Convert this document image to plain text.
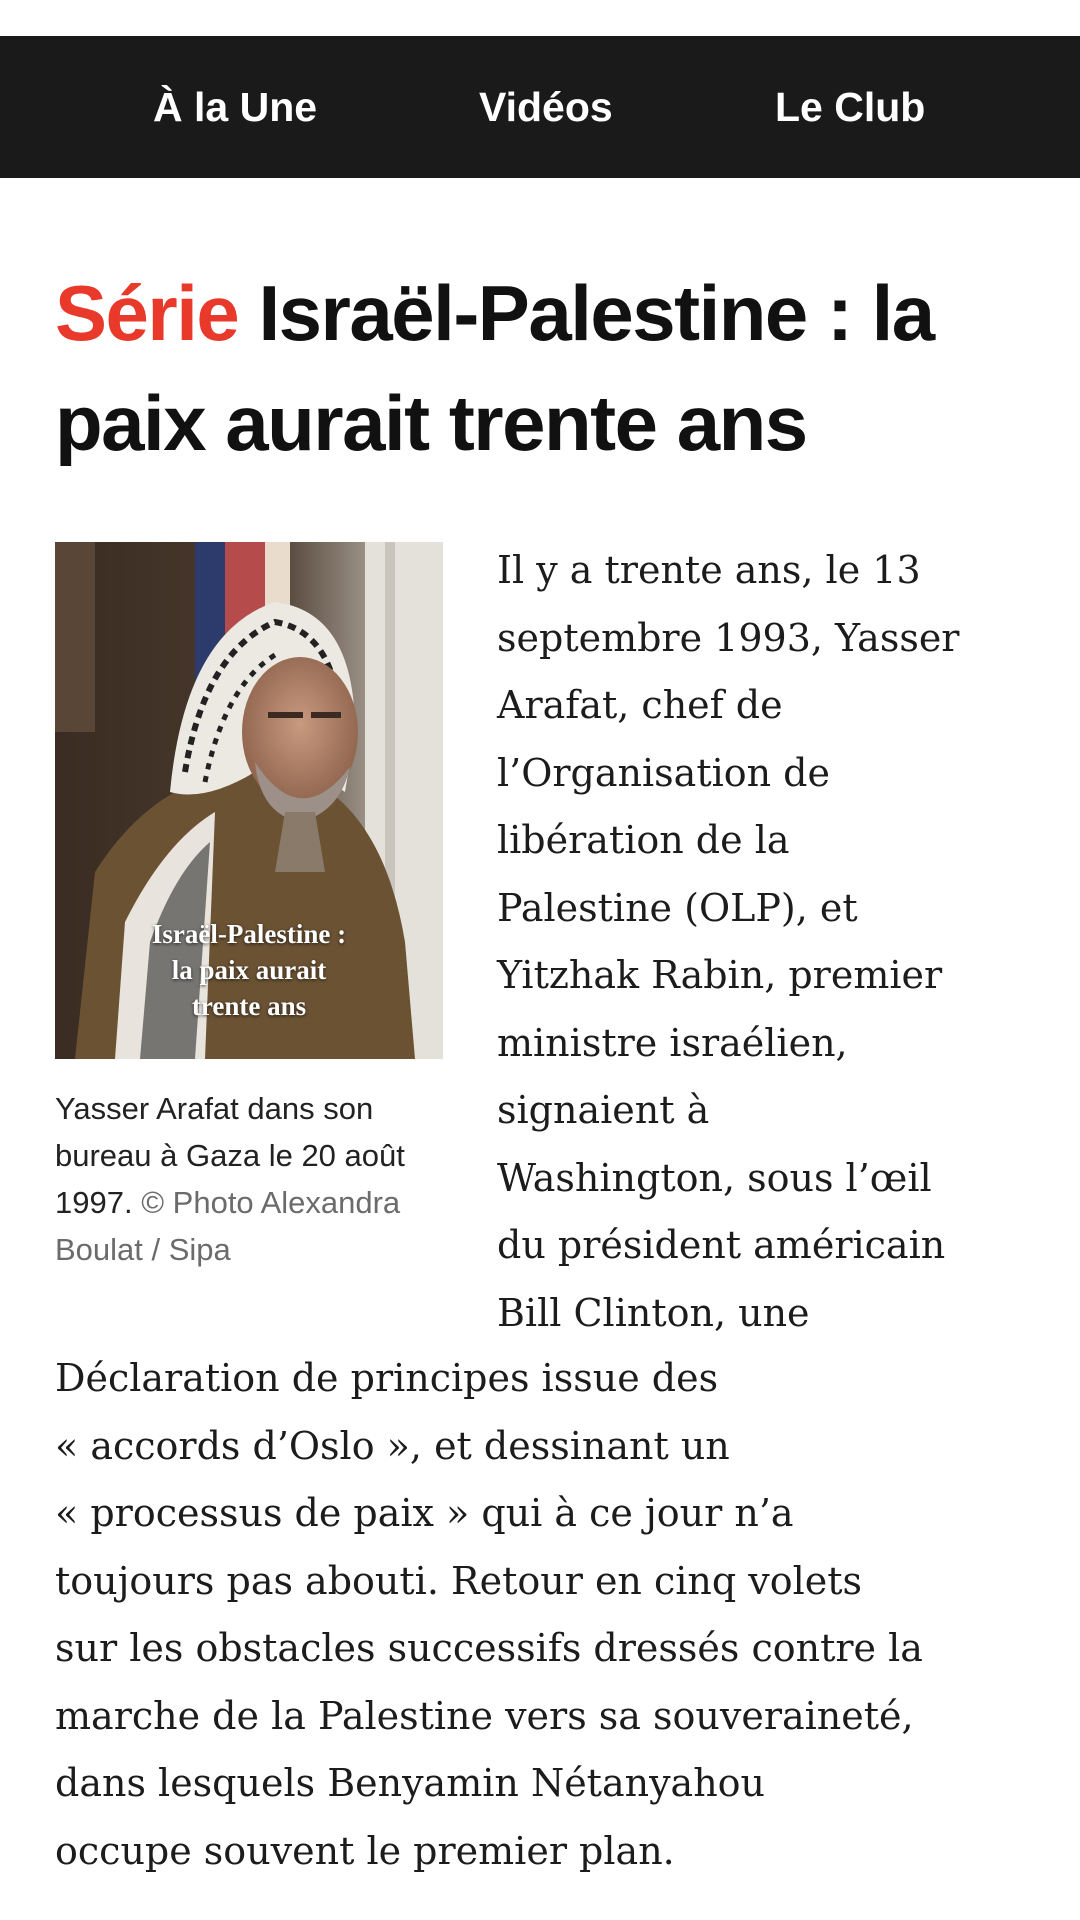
À la Une	Vidéos	Le Club
Série Israël-Palestine : la paix aurait trente ans
Israël-Palestine :
la paix aurait
trente ans
Yasser Arafat dans son bureau à Gaza le 20 août 1997. © Photo Alexandra Boulat / Sipa
Il y a trente ans, le 13
septembre 1993, Yasser
Arafat, chef de
l’Organisation de
libération de la
Palestine (OLP), et
Yitzhak Rabin, premier
ministre israélien,
signaient à
Washington, sous l’œil
du président américain
Bill Clinton, une
Déclaration de principes issue des
« accords d’Oslo », et dessinant un
« processus de paix » qui à ce jour n’a
toujours pas abouti. Retour en cinq volets
sur les obstacles successifs dressés contre la
marche de la Palestine vers sa souveraineté,
dans lesquels Benyamin Nétanyahou
occupe souvent le premier plan.
